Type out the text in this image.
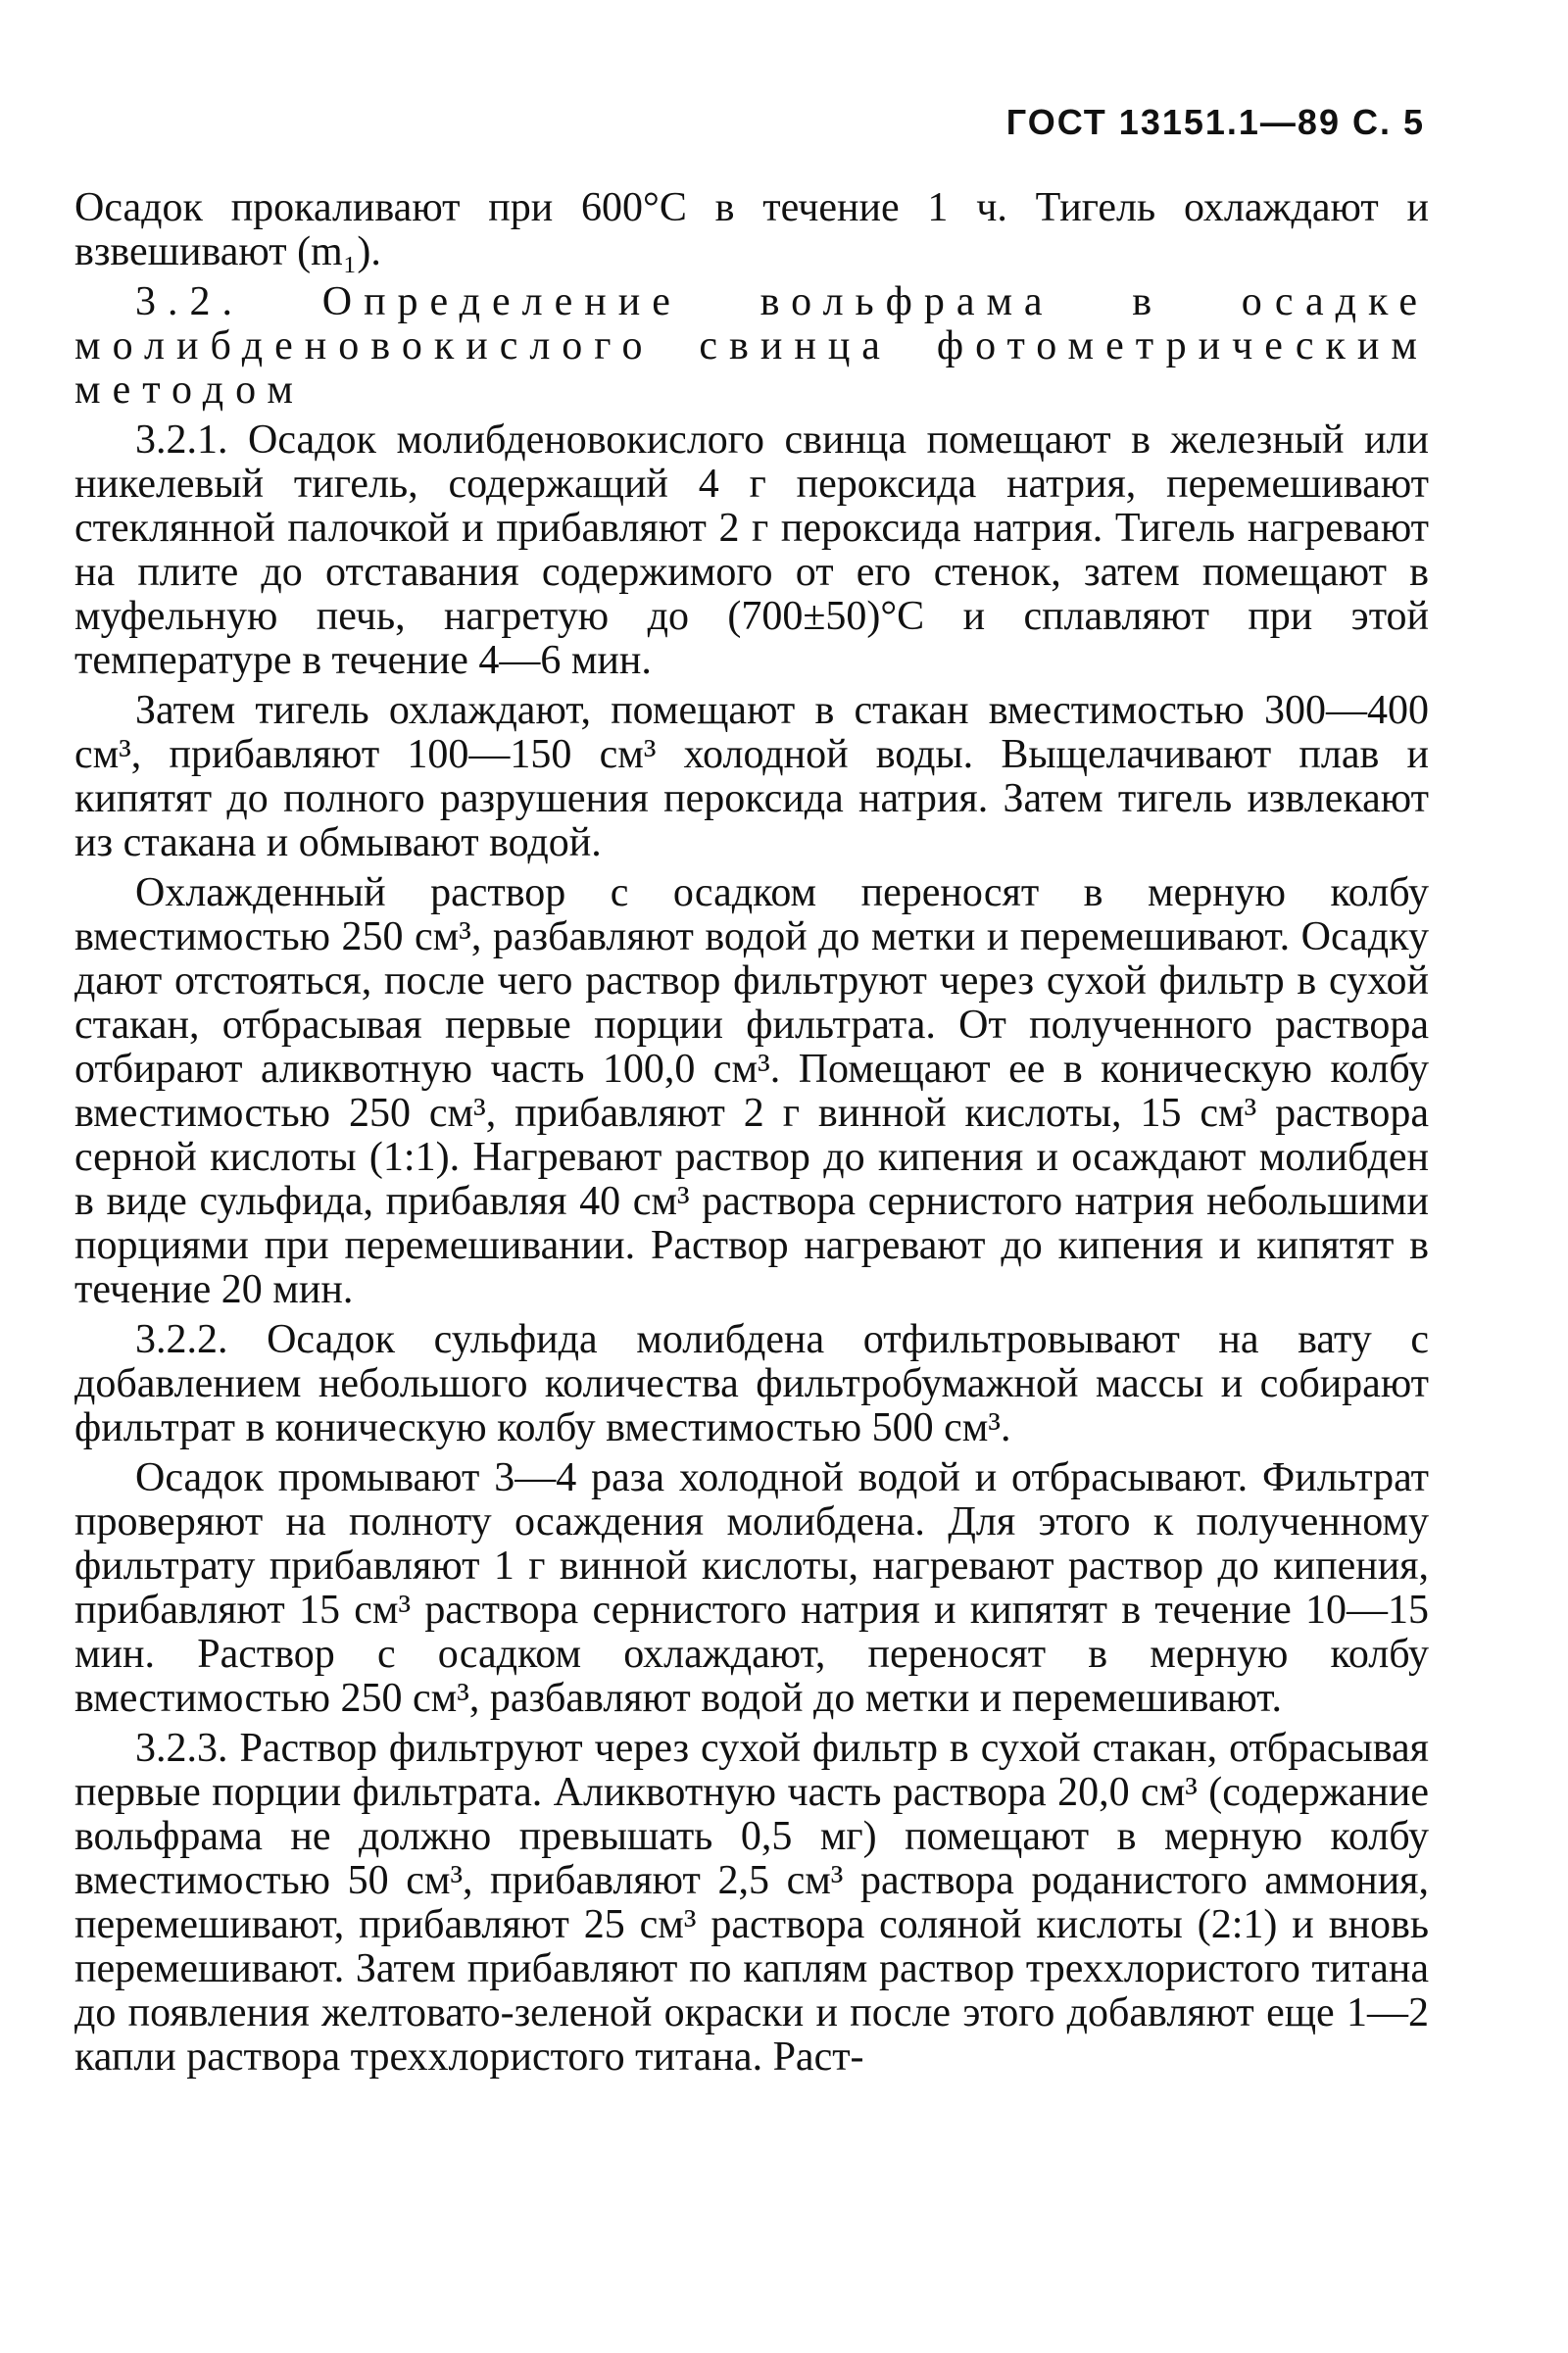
ГОСТ 13151.1—89 С. 5

Осадок прокаливают при 600°С в течение 1 ч. Тигель охлаждают и взвешивают (m₁).

3.2. Определение вольфрама в осадке молибденовокислого свинца фотометрическим методом

3.2.1. Осадок молибденовокислого свинца помещают в железный или никелевый тигель, содержащий 4 г пероксида натрия, перемешивают стеклянной палочкой и прибавляют 2 г пероксида натрия. Тигель нагревают на плите до отставания содержимого от его стенок, затем помещают в муфельную печь, нагретую до (700±50)°С и сплавляют при этой температуре в течение 4—6 мин.

Затем тигель охлаждают, помещают в стакан вместимостью 300—400 см³, прибавляют 100—150 см³ холодной воды. Выщелачивают плав и кипятят до полного разрушения пероксида натрия. Затем тигель извлекают из стакана и обмывают водой.

Охлажденный раствор с осадком переносят в мерную колбу вместимостью 250 см³, разбавляют водой до метки и перемешивают. Осадку дают отстояться, после чего раствор фильтруют через сухой фильтр в сухой стакан, отбрасывая первые порции фильтрата. От полученного раствора отбирают аликвотную часть 100,0 см³. Помещают ее в коническую колбу вместимостью 250 см³, прибавляют 2 г винной кислоты, 15 см³ раствора серной кислоты (1:1). Нагревают раствор до кипения и осаждают молибден в виде сульфида, прибавляя 40 см³ раствора сернистого натрия небольшими порциями при перемешивании. Раствор нагревают до кипения и кипятят в течение 20 мин.

3.2.2. Осадок сульфида молибдена отфильтровывают на вату с добавлением небольшого количества фильтробумажной массы и собирают фильтрат в коническую колбу вместимостью 500 см³.

Осадок промывают 3—4 раза холодной водой и отбрасывают. Фильтрат проверяют на полноту осаждения молибдена. Для этого к полученному фильтрату прибавляют 1 г винной кислоты, нагревают раствор до кипения, прибавляют 15 см³ раствора сернистого натрия и кипятят в течение 10—15 мин. Раствор с осадком охлаждают, переносят в мерную колбу вместимостью 250 см³, разбавляют водой до метки и перемешивают.

3.2.3. Раствор фильтруют через сухой фильтр в сухой стакан, отбрасывая первые порции фильтрата. Аликвотную часть раствора 20,0 см³ (содержание вольфрама не должно превышать 0,5 мг) помещают в мерную колбу вместимостью 50 см³, прибавляют 2,5 см³ раствора роданистого аммония, перемешивают, прибавляют 25 см³ раствора соляной кислоты (2:1) и вновь перемешивают. Затем прибавляют по каплям раствор треххлористого титана до появления желтовато-зеленой окраски и после этого добавляют еще 1—2 капли раствора треххлористого титана. Раст-
